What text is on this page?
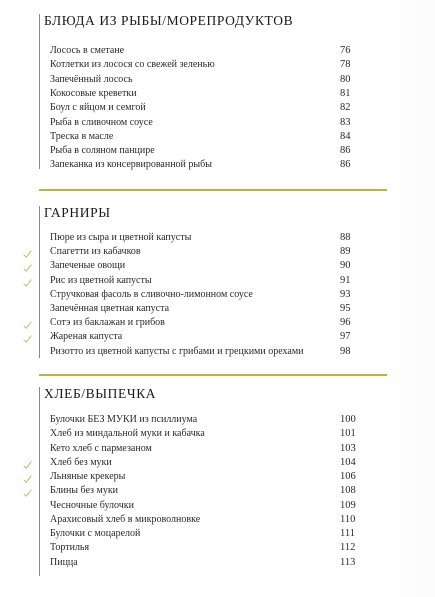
БЛЮДА ИЗ РЫБЫ/МОРЕПРОДУКТОВ
Лосось в сметане	76
Котлетки из лосося со свежей зеленью	78
Запечённый лосось	80
Кокосовые креветки	81
Боул с яйцом и семгой	82
Рыба в сливочном соусе	83
Треска в масле	84
Рыба в соляном панцире	86
Запеканка из консервированной рыбы	86
ГАРНИРЫ
Пюре из сыра и цветной капусты	88
Спагетти из кабачков	89
Запеченые овощи	90
Рис из цветной капусты	91
Стручковая фасоль в сливочно-лимонном соусе	93
Запечённая цветная капуста	95
Сотэ из баклажан и грибов	96
Жареная капуста	97
Ризотто из цветной капусты с грибами и грецкими орехами	98
ХЛЕБ/ВЫПЕЧКА
Булочки БЕЗ МУКИ из псиллиума	100
Хлеб из миндальной муки и кабачка	101
Кето хлеб с пармезаном	103
Хлеб без муки	104
Льняные крекеры	106
Блины без муки	108
Чесночные булочки	109
Арахисовый хлеб в микроволновке	110
Булочки с моцарелой	111
Тортилья	112
Пицца	113
